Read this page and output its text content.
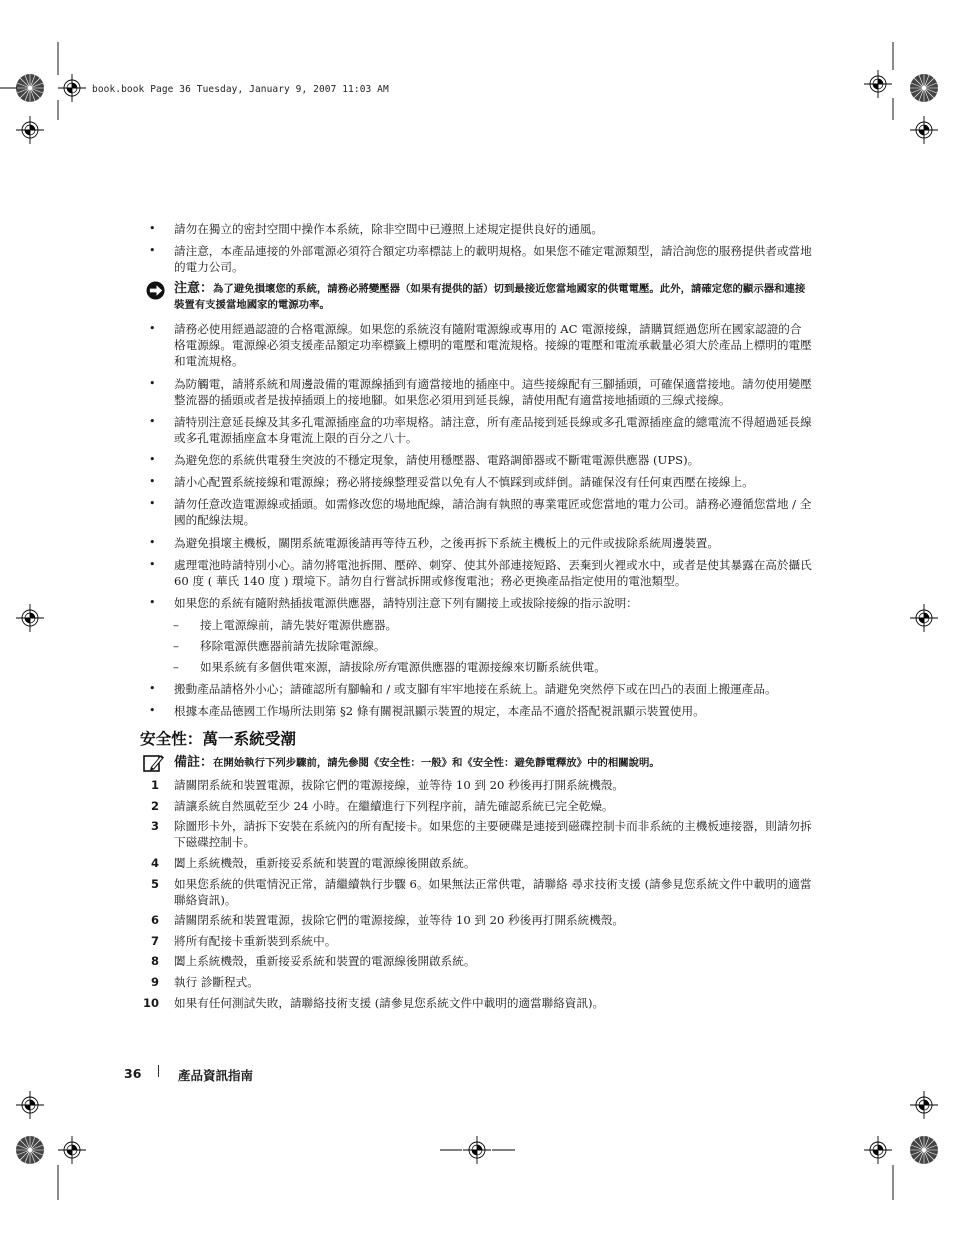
book.book Page 36 Tuesday, January 9, 2007 11:03 AM
• 請勿在獨立的密封空間中操作本系統，除非空間中已遵照上述規定提供良好的通風。
• 請注意，本產品連接的外部電源必須符合額定功率標誌上的載明規格。如果您不確定電源類型，請洽詢您的服務提供者或當地的電力公司。
注意：為了避免損壞您的系統，請務必將變壓器（如果有提供的話）切到最接近您當地國家的供電電壓。此外，請確定您的顯示器和連接裝置有支援當地國家的電源功率。
• 請務必使用經過認證的合格電源線。如果您的系統沒有隨附電源線或專用的 AC 電源接線，請購買經過您所在國家認證的合格電源線。電源線必須支援產品額定功率標籤上標明的電壓和電流規格。接線的電壓和電流承載量必須大於產品上標明的電壓和電流規格。
• 為防觸電，請將系統和周邊設備的電源線插到有適當接地的插座中。這些接線配有三腳插頭，可確保適當接地。請勿使用變壓整流器的插頭或者是拔掉插頭上的接地腳。如果您必須用到延長線，請使用配有適當接地插頭的三線式接線。
• 請特別注意延長線及其多孔電源插座盒的功率規格。請注意，所有產品接到延長線或多孔電源插座盒的總電流不得超過延長線或多孔電源插座盒本身電流上限的百分之八十。
• 為避免您的系統供電發生突波的不穩定現象，請使用穩壓器、電路調節器或不斷電電源供應器 (UPS)。
• 請小心配置系統接線和電源線；務必將接線整理妥當以免有人不慎踩到或絆倒。請確保沒有任何東西壓在接線上。
• 請勿任意改造電源線或插頭。如需修改您的場地配線，請洽詢有執照的專業電匠或您當地的電力公司。請務必遵循您當地 / 全國的配線法規。
• 為避免損壞主機板，關閉系統電源後請再等待五秒，之後再拆下系統主機板上的元件或拔除系統周邊裝置。
• 處理電池時請特別小心。請勿將電池拆開、壓碎、刺穿、使其外部連接短路、丟棄到火裡或水中，或者是使其暴露在高於攝氏 60 度 ( 華氏 140 度 ) 環境下。請勿自行嘗試拆開或修復電池；務必更換產品指定使用的電池類型。
• 如果您的系統有隨附熱插拔電源供應器，請特別注意下列有關接上或拔除接線的指示說明：
– 接上電源線前，請先裝好電源供應器。
– 移除電源供應器前請先拔除電源線。
– 如果系統有多個供電來源，請拔除所有電源供應器的電源接線來切斷系統供電。
• 搬動產品請格外小心；請確認所有腳輪和 / 或支腳有牢牢地接在系統上。請避免突然停下或在凹凸的表面上搬運產品。
• 根據本產品德國工作場所法則第 §2 條有關視訊顯示裝置的規定，本產品不適於搭配視訊顯示裝置使用。
安全性：萬一系統受潮
備註：在開始執行下列步驟前，請先參閱《安全性：一般》和《安全性：避免靜電釋放》中的相關說明。
1 請關閉系統和裝置電源，拔除它們的電源接線，並等待 10 到 20 秒後再打開系統機殼。
2 請讓系統自然風乾至少 24 小時。在繼續進行下列程序前，請先確認系統已完全乾燥。
3 除圖形卡外，請拆下安裝在系統內的所有配接卡。如果您的主要硬碟是連接到磁碟控制卡而非系統的主機板連接器，則請勿拆下磁碟控制卡。
4 闔上系統機殼，重新接妥系統和裝置的電源線後開啟系統。
5 如果您系統的供電情況正常，請繼續執行步驟 6。如果無法正常供電，請聯絡 尋求技術支援 (請參見您系統文件中載明的適當聯絡資訊)。
6 請關閉系統和裝置電源，拔除它們的電源接線，並等待 10 到 20 秒後再打開系統機殼。
7 將所有配接卡重新裝到系統中。
8 闔上系統機殼，重新接妥系統和裝置的電源線後開啟系統。
9 執行 診斷程式。
10 如果有任何測試失敗，請聯絡技術支援 (請參見您系統文件中載明的適當聯絡資訊)。
36	產品資訊指南
